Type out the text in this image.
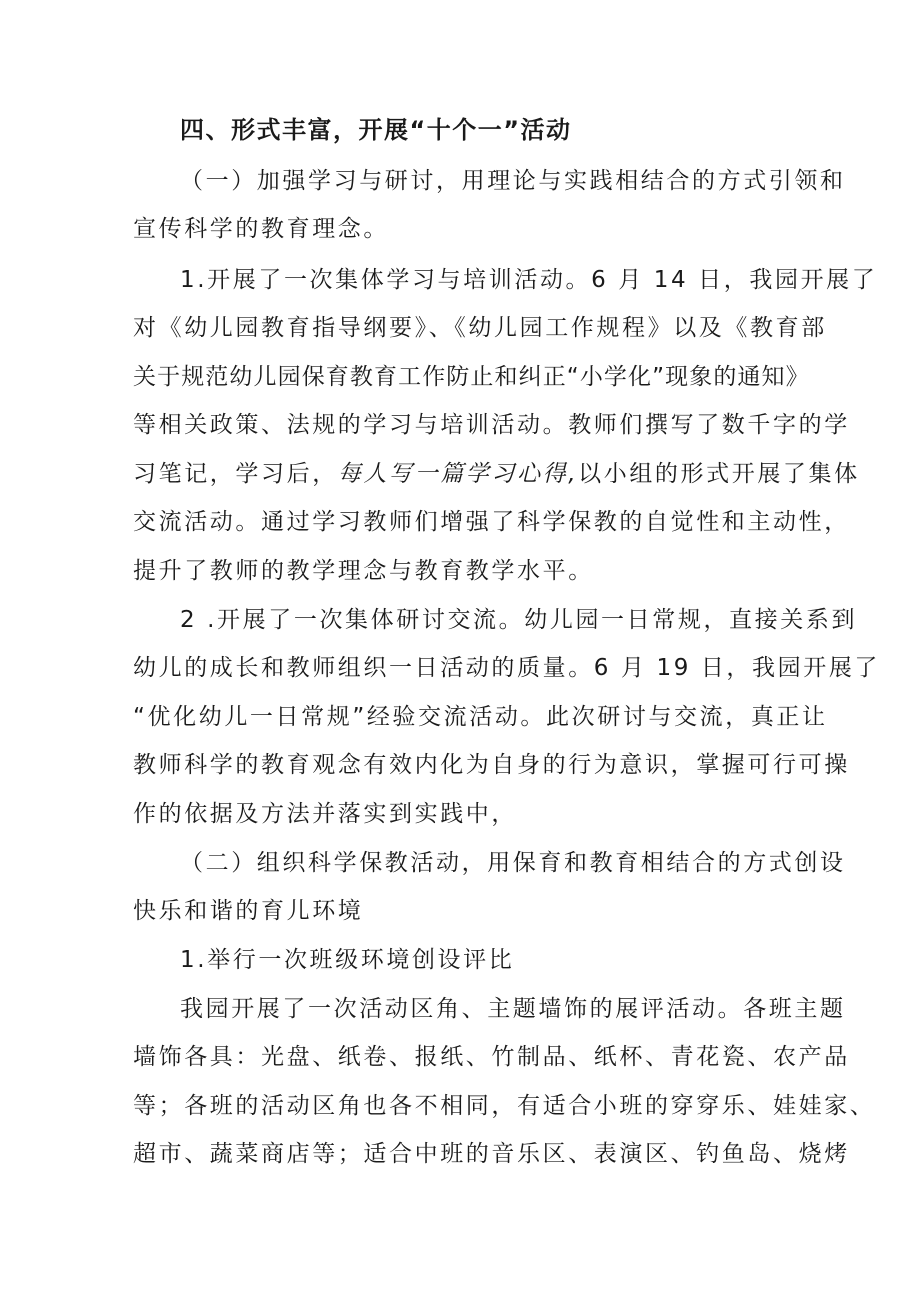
四、形式丰富，开展“十个一”活动
（一）加强学习与研讨，用理论与实践相结合的方式引领和
宣传科学的教育理念。
1.开展了一次集体学习与培训活动。6 月 14 日，我园开展了
对《幼儿园教育指导纲要》、《幼儿园工作规程》以及《教育部
关于规范幼儿园保育教育工作防止和纠正“小学化”现象的通知》
等相关政策、法规的学习与培训活动。教师们撰写了数千字的学
习笔记，学习后，每人写一篇学习心得,以小组的形式开展了集体
交流活动。通过学习教师们增强了科学保教的自觉性和主动性，
提升了教师的教学理念与教育教学水平。
2 .开展了一次集体研讨交流。幼儿园一日常规，直接关系到
幼儿的成长和教师组织一日活动的质量。6 月 19 日，我园开展了
“优化幼儿一日常规”经验交流活动。此次研讨与交流，真正让
教师科学的教育观念有效内化为自身的行为意识，掌握可行可操
作的依据及方法并落实到实践中，
（二）组织科学保教活动，用保育和教育相结合的方式创设
快乐和谐的育儿环境
1.举行一次班级环境创设评比
我园开展了一次活动区角、主题墙饰的展评活动。各班主题
墙饰各具：光盘、纸卷、报纸、竹制品、纸杯、青花瓷、农产品
等；各班的活动区角也各不相同，有适合小班的穿穿乐、娃娃家、
超市、蔬菜商店等；适合中班的音乐区、表演区、钓鱼岛、烧烤
